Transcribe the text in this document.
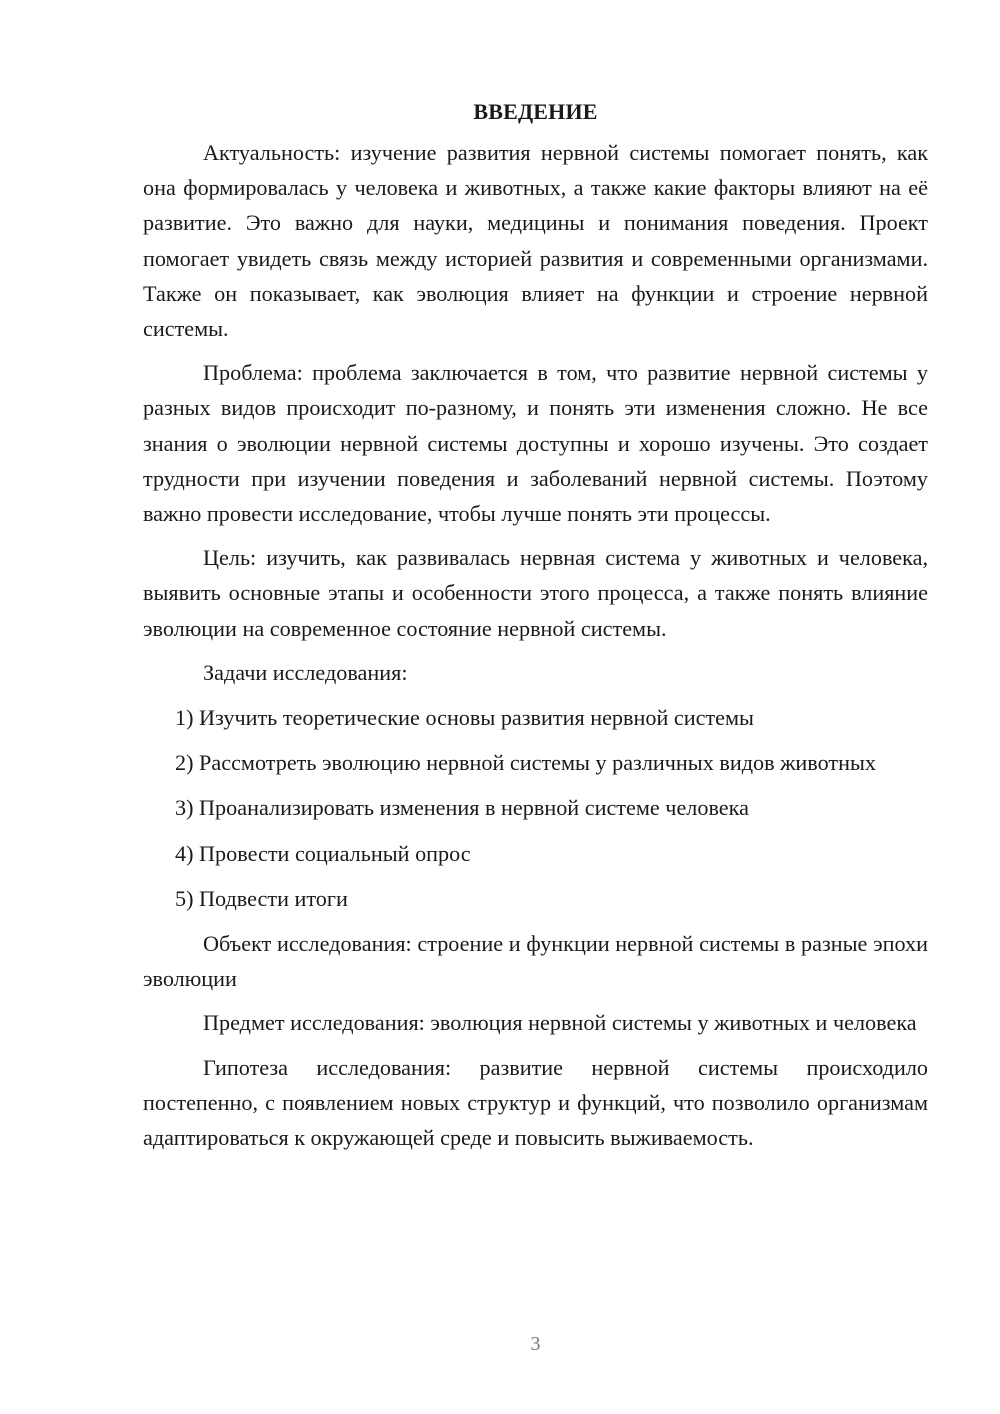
ВВЕДЕНИЕ

Актуальность: изучение развития нервной системы помогает понять, как она формировалась у человека и животных, а также какие факторы влияют на её развитие. Это важно для науки, медицины и понимания поведения. Проект помогает увидеть связь между историей развития и современными организмами. Также он показывает, как эволюция влияет на функции и строение нервной системы.

Проблема: проблема заключается в том, что развитие нервной системы у разных видов происходит по-разному, и понять эти изменения сложно. Не все знания о эволюции нервной системы доступны и хорошо изучены. Это создает трудности при изучении поведения и заболеваний нервной системы. Поэтому важно провести исследование, чтобы лучше понять эти процессы.

Цель: изучить, как развивалась нервная система у животных и человека, выявить основные этапы и особенности этого процесса, а также понять влияние эволюции на современное состояние нервной системы.

Задачи исследования:

1) Изучить теоретические основы развития нервной системы

2) Рассмотреть эволюцию нервной системы у различных видов животных

3) Проанализировать изменения в нервной системе человека

4) Провести социальный опрос

5) Подвести итоги

Объект исследования: строение и функции нервной системы в разные эпохи эволюции

Предмет исследования: эволюция нервной системы у животных и человека

Гипотеза исследования: развитие нервной системы происходило постепенно, с появлением новых структур и функций, что позволило организмам адаптироваться к окружающей среде и повысить выживаемость.

3
